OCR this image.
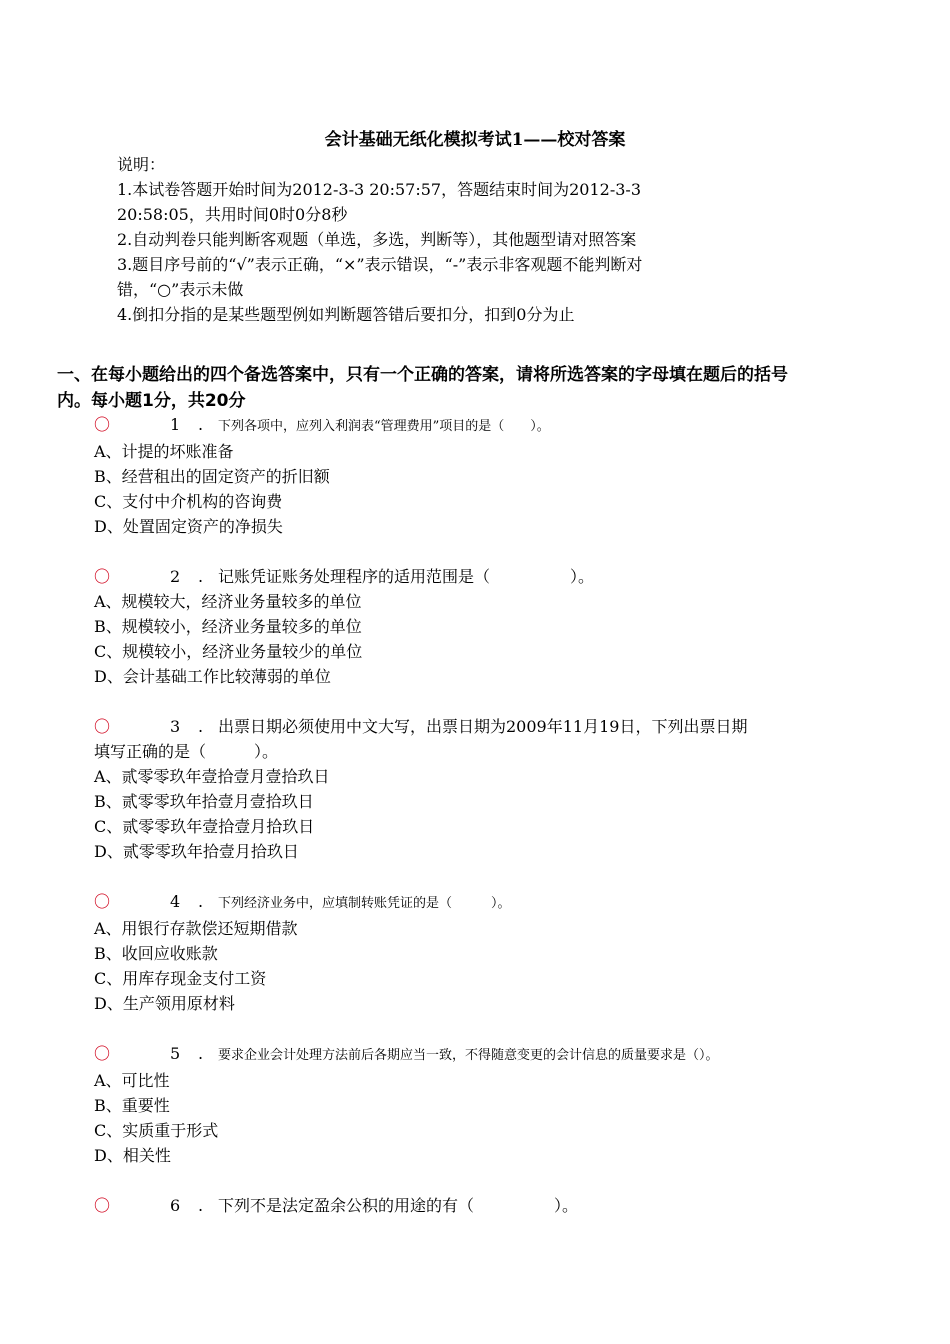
会计基础无纸化模拟考试1——校对答案
说明：
1.本试卷答题开始时间为2012-3-3 20:57:57，答题结束时间为2012-3-3
20:58:05，共用时间0时0分8秒
2.自动判卷只能判断客观题（单选，多选，判断等），其他题型请对照答案
3.题目序号前的“√”表示正确，“×”表示错误，“-”表示非客观题不能判断对
错，“○”表示未做
4.倒扣分指的是某些题型例如判断题答错后要扣分，扣到0分为止
一、在每小题给出的四个备选答案中，只有一个正确的答案，请将所选答案的字母填在题后的括号
内。每小题1分，共20分
〇	1 . 下列各项中，应列入利润表“管理费用”项目的是（　　）。
A、计提的坏账准备
B、经营租出的固定资产的折旧额
C、支付中介机构的咨询费
D、处置固定资产的净损失
〇	2 . 记账凭证账务处理程序的适用范围是（　　　　　）。
A、规模较大，经济业务量较多的单位
B、规模较小，经济业务量较多的单位
C、规模较小，经济业务量较少的单位
D、会计基础工作比较薄弱的单位
〇	3 . 出票日期必须使用中文大写，出票日期为2009年11月19日，下列出票日期
填写正确的是（　　　）。
A、贰零零玖年壹拾壹月壹拾玖日
B、贰零零玖年拾壹月壹拾玖日
C、贰零零玖年壹拾壹月拾玖日
D、贰零零玖年拾壹月拾玖日
〇	4 . 下列经济业务中，应填制转账凭证的是（　　　）。
A、用银行存款偿还短期借款
B、收回应收账款
C、用库存现金支付工资
D、生产领用原材料
〇	5 . 要求企业会计处理方法前后各期应当一致，不得随意变更的会计信息的质量要求是（）。
A、可比性
B、重要性
C、实质重于形式
D、相关性
〇	6 . 下列不是法定盈余公积的用途的有（　　　　　）。
